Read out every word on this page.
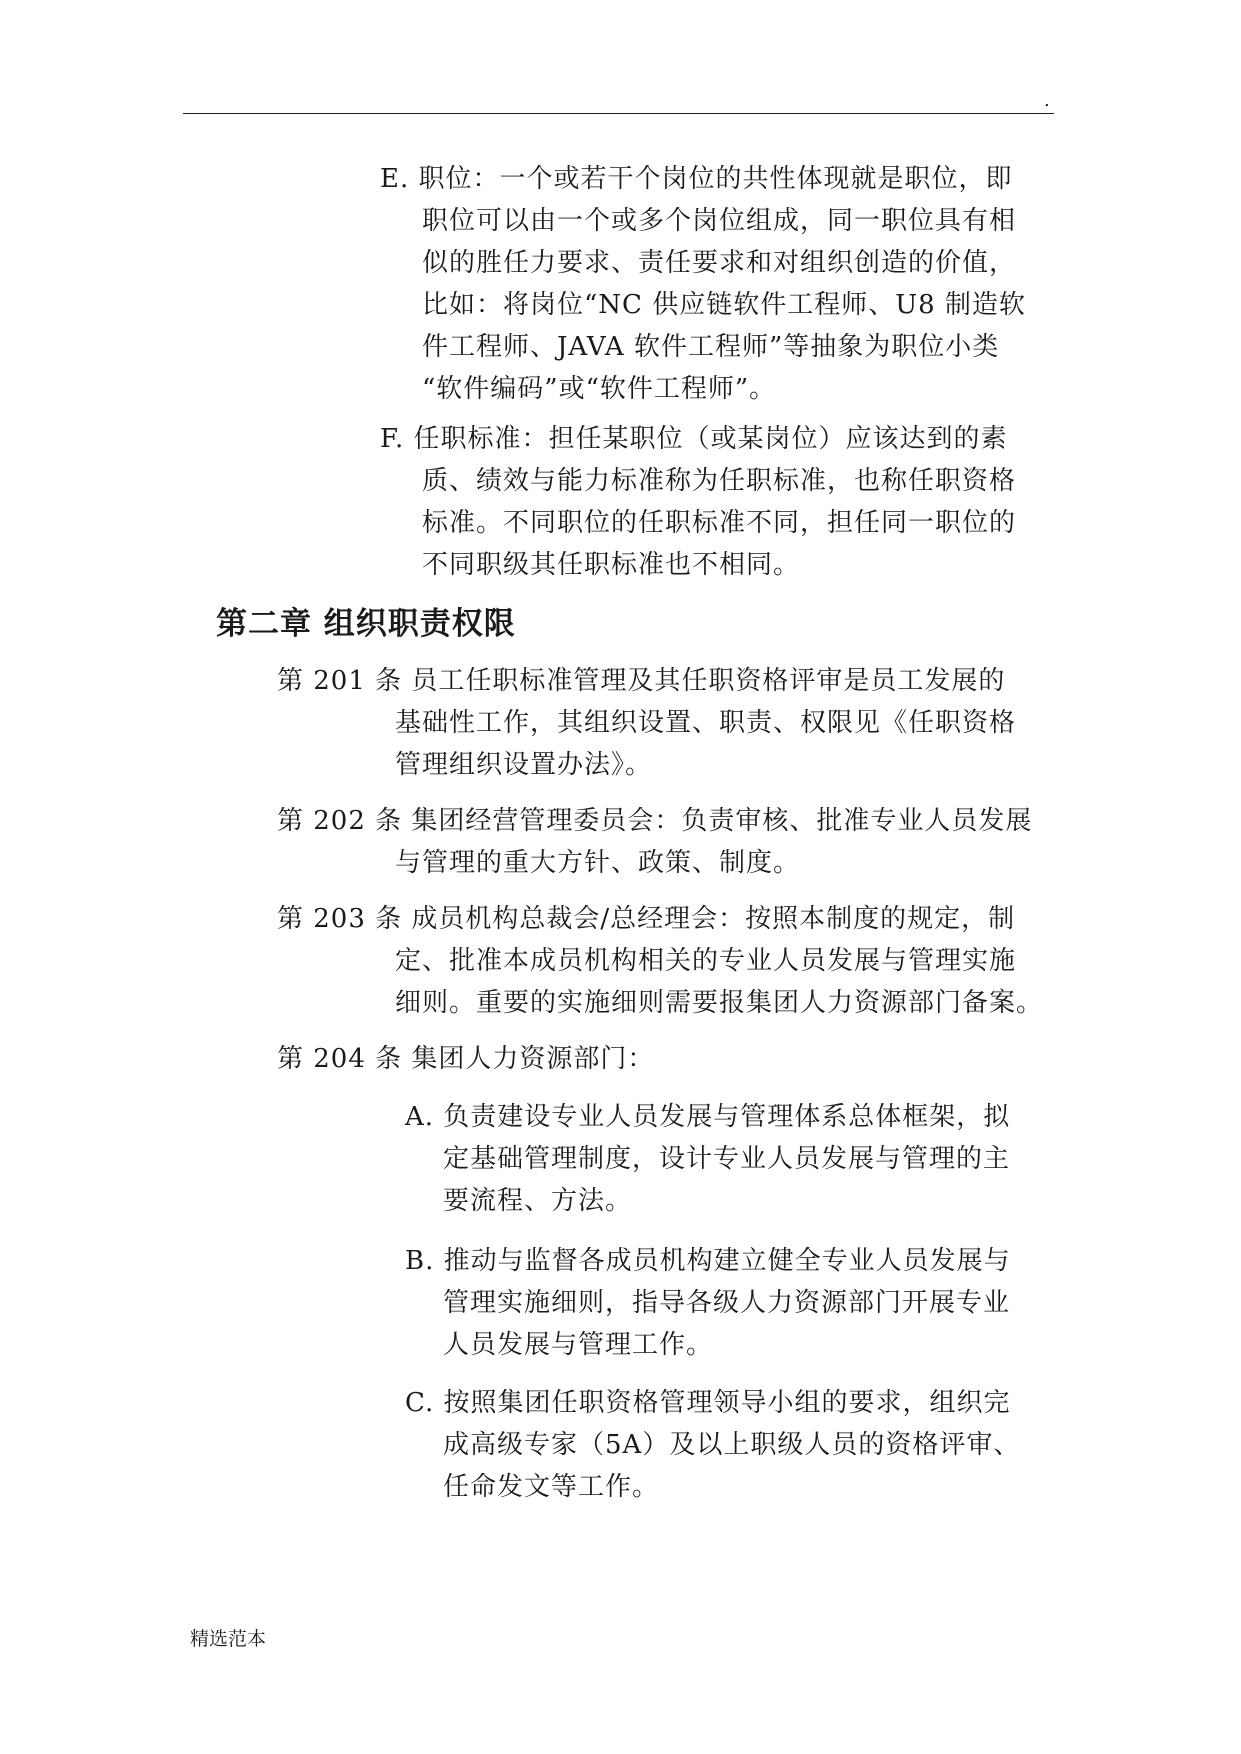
.
E. 职位：一个或若干个岗位的共性体现就是职位，即
职位可以由一个或多个岗位组成，同一职位具有相
似的胜任力要求、责任要求和对组织创造的价值，
比如：将岗位“NC 供应链软件工程师、U8 制造软
件工程师、JAVA 软件工程师”等抽象为职位小类
“软件编码”或“软件工程师”。
F. 任职标准：担任某职位（或某岗位）应该达到的素
质、绩效与能力标准称为任职标准，也称任职资格
标准。不同职位的任职标准不同，担任同一职位的
不同职级其任职标准也不相同。
第二章 组织职责权限
第 201 条 员工任职标准管理及其任职资格评审是员工发展的
基础性工作，其组织设置、职责、权限见《任职资格
管理组织设置办法》。
第 202 条 集团经营管理委员会：负责审核、批准专业人员发展
与管理的重大方针、政策、制度。
第 203 条 成员机构总裁会/总经理会：按照本制度的规定，制
定、批准本成员机构相关的专业人员发展与管理实施
细则。重要的实施细则需要报集团人力资源部门备案。
第 204 条 集团人力资源部门：
A. 负责建设专业人员发展与管理体系总体框架，拟
定基础管理制度，设计专业人员发展与管理的主
要流程、方法。
B. 推动与监督各成员机构建立健全专业人员发展与
管理实施细则，指导各级人力资源部门开展专业
人员发展与管理工作。
C. 按照集团任职资格管理领导小组的要求，组织完
成高级专家（5A）及以上职级人员的资格评审、
任命发文等工作。
精选范本
